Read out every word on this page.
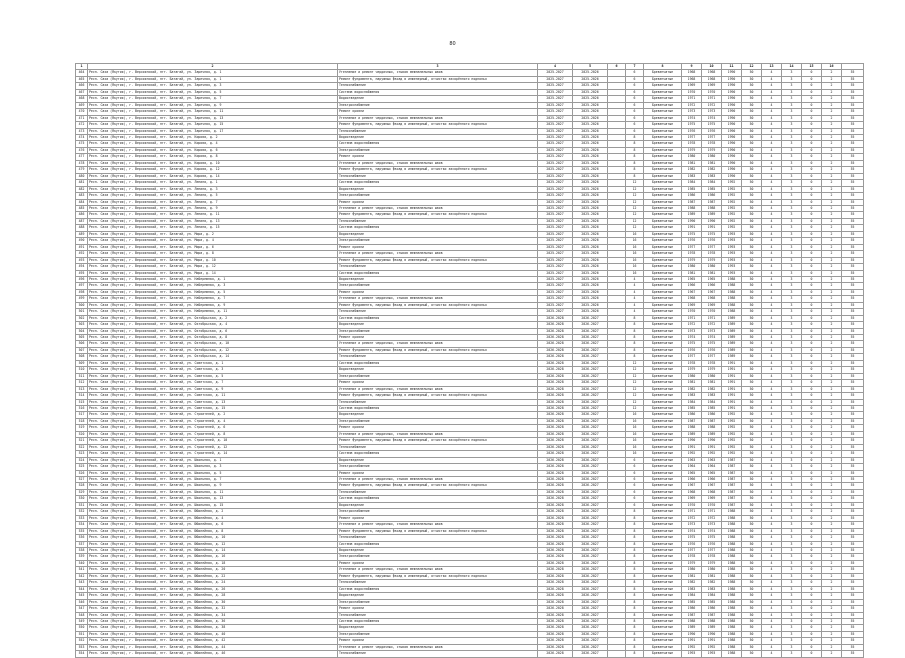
80
1	2	3	4	5	6	7	8	9	10	11	12	13	14	15	16	
464	Респ. Саха (Якутия), г. Верхоянский, пгт. Батагай, ул. Заречная, д. 1	Утепление и ремонт чердачных, стыков межпанельных швов	2025-2027	2025-2026		6	Бревенчатые	1968	1968	1990	50	4	3	0	2	55
465	Респ. Саха (Якутия), г. Верхоянский, пгт. Батагай, ул. Заречная, д. 1	Ремонт фундамента, наружных фасад в инженерный, отчистки засорённого подполья	2025-2027	2025-2026		6	Бревенчатые	1968	1968	1990	50	4	3	0	2	55
466	Респ. Саха (Якутия), г. Верхоянский, пгт. Батагай, ул. Заречная, д. 3	Теплоснабжение	2025-2027	2025-2026		6	Бревенчатые	1969	1969	1990	50	4	3	0	2	55
467	Респ. Саха (Якутия), г. Верхоянский, пгт. Батагай, ул. Заречная, д. 5	Система водоснабжения	2025-2027	2025-2026		6	Бревенчатые	1970	1970	1990	50	4	3	0	2	55
468	Респ. Саха (Якутия), г. Верхоянский, пгт. Батагай, ул. Заречная, д. 7	Водоотведение	2025-2027	2025-2026		6	Бревенчатые	1971	1971	1990	50	4	3	0	2	55
469	Респ. Саха (Якутия), г. Верхоянский, пгт. Батагай, ул. Заречная, д. 9	Электроснабжение	2025-2027	2025-2026		6	Бревенчатые	1972	1972	1990	50	4	3	0	2	55
470	Респ. Саха (Якутия), г. Верхоянский, пгт. Батагай, ул. Заречная, д. 11	Ремонт кровли	2025-2027	2025-2026		6	Бревенчатые	1973	1973	1990	50	4	3	0	2	55
471	Респ. Саха (Якутия), г. Верхоянский, пгт. Батагай, ул. Заречная, д. 13	Утепление и ремонт чердачных, стыков межпанельных швов	2025-2027	2025-2026		6	Бревенчатые	1974	1974	1990	50	4	3	0	2	55
472	Респ. Саха (Якутия), г. Верхоянский, пгт. Батагай, ул. Заречная, д. 15	Ремонт фундамента, наружных фасад в инженерный, отчистки засорённого подполья	2025-2027	2025-2026		6	Бревенчатые	1975	1975	1990	50	4	3	0	2	55
473	Респ. Саха (Якутия), г. Верхоянский, пгт. Батагай, ул. Заречная, д. 17	Теплоснабжение	2025-2027	2025-2026		6	Бревенчатые	1976	1976	1990	50	4	3	0	2	55
474	Респ. Саха (Якутия), г. Верхоянский, пгт. Батагай, ул. Кирова, д. 2	Водоотведение	2025-2027	2025-2026		8	Бревенчатые	1977	1977	1990	50	4	3	0	2	55
475	Респ. Саха (Якутия), г. Верхоянский, пгт. Батагай, ул. Кирова, д. 4	Система водоснабжения	2025-2027	2025-2026		8	Бревенчатые	1978	1978	1990	50	4	3	0	2	55
476	Респ. Саха (Якутия), г. Верхоянский, пгт. Батагай, ул. Кирова, д. 6	Электроснабжение	2025-2027	2025-2026		8	Бревенчатые	1979	1979	1990	50	4	3	0	2	55
477	Респ. Саха (Якутия), г. Верхоянский, пгт. Батагай, ул. Кирова, д. 8	Ремонт кровли	2025-2027	2025-2026		8	Бревенчатые	1980	1980	1990	50	4	3	0	2	55
478	Респ. Саха (Якутия), г. Верхоянский, пгт. Батагай, ул. Кирова, д. 10	Утепление и ремонт чердачных, стыков межпанельных швов	2025-2027	2025-2026		8	Бревенчатые	1981	1981	1990	50	4	3	0	2	55
479	Респ. Саха (Якутия), г. Верхоянский, пгт. Батагай, ул. Кирова, д. 12	Ремонт фундамента, наружных фасад в инженерный, отчистки засорённого подполья	2025-2027	2025-2026		8	Бревенчатые	1982	1982	1990	50	4	3	0	2	55
480	Респ. Саха (Якутия), г. Верхоянский, пгт. Батагай, ул. Кирова, д. 14	Теплоснабжение	2025-2027	2025-2026		8	Бревенчатые	1983	1983	1990	50	4	3	0	2	55
481	Респ. Саха (Якутия), г. Верхоянский, пгт. Батагай, ул. Ленина, д. 1	Система водоснабжения	2025-2027	2025-2026		12	Бревенчатые	1984	1984	1992	50	4	3	0	2	55
482	Респ. Саха (Якутия), г. Верхоянский, пгт. Батагай, ул. Ленина, д. 3	Водоотведение	2025-2027	2025-2026		12	Бревенчатые	1985	1985	1992	50	4	3	0	2	55
483	Респ. Саха (Якутия), г. Верхоянский, пгт. Батагай, ул. Ленина, д. 5	Электроснабжение	2025-2027	2025-2026		12	Бревенчатые	1986	1986	1992	50	4	3	0	2	55
484	Респ. Саха (Якутия), г. Верхоянский, пгт. Батагай, ул. Ленина, д. 7	Ремонт кровли	2025-2027	2025-2026		12	Бревенчатые	1987	1987	1992	50	4	3	0	2	55
485	Респ. Саха (Якутия), г. Верхоянский, пгт. Батагай, ул. Ленина, д. 9	Утепление и ремонт чердачных, стыков межпанельных швов	2025-2027	2025-2026		12	Бревенчатые	1988	1988	1992	50	4	3	0	2	55
486	Респ. Саха (Якутия), г. Верхоянский, пгт. Батагай, ул. Ленина, д. 11	Ремонт фундамента, наружных фасад в инженерный, отчистки засорённого подполья	2025-2027	2025-2026		12	Бревенчатые	1989	1989	1992	50	4	3	0	2	55
487	Респ. Саха (Якутия), г. Верхоянский, пгт. Батагай, ул. Ленина, д. 13	Теплоснабжение	2025-2027	2025-2026		12	Бревенчатые	1990	1990	1992	50	4	3	0	2	55
488	Респ. Саха (Якутия), г. Верхоянский, пгт. Батагай, ул. Ленина, д. 15	Система водоснабжения	2025-2027	2025-2026		12	Бревенчатые	1991	1991	1992	50	4	3	0	2	55
489	Респ. Саха (Якутия), г. Верхоянский, пгт. Батагай, ул. Мира, д. 2	Водоотведение	2025-2027	2025-2026		16	Бревенчатые	1975	1975	1993	50	4	3	0	2	55
490	Респ. Саха (Якутия), г. Верхоянский, пгт. Батагай, ул. Мира, д. 4	Электроснабжение	2025-2027	2025-2026		16	Бревенчатые	1976	1976	1993	50	4	3	0	2	55
491	Респ. Саха (Якутия), г. Верхоянский, пгт. Батагай, ул. Мира, д. 6	Ремонт кровли	2025-2027	2025-2026		16	Бревенчатые	1977	1977	1993	50	4	3	0	2	55
492	Респ. Саха (Якутия), г. Верхоянский, пгт. Батагай, ул. Мира, д. 8	Утепление и ремонт чердачных, стыков межпанельных швов	2025-2027	2025-2026		16	Бревенчатые	1978	1978	1993	50	4	3	0	2	55
493	Респ. Саха (Якутия), г. Верхоянский, пгт. Батагай, ул. Мира, д. 10	Ремонт фундамента, наружных фасад в инженерный, отчистки засорённого подполья	2025-2027	2025-2026		16	Бревенчатые	1979	1979	1993	50	4	3	0	2	55
494	Респ. Саха (Якутия), г. Верхоянский, пгт. Батагай, ул. Мира, д. 12	Теплоснабжение	2025-2027	2025-2026		16	Бревенчатые	1980	1980	1993	50	4	3	0	2	55
495	Респ. Саха (Якутия), г. Верхоянский, пгт. Батагай, ул. Мира, д. 14	Система водоснабжения	2025-2027	2025-2026		16	Бревенчатые	1981	1981	1993	50	4	3	0	2	55
496	Респ. Саха (Якутия), г. Верхоянский, пгт. Батагай, ул. Набережная, д. 1	Водоотведение	2025-2027	2025-2026		4	Бревенчатые	1965	1965	1988	50	4	3	0	2	55
497	Респ. Саха (Якутия), г. Верхоянский, пгт. Батагай, ул. Набережная, д. 3	Электроснабжение	2025-2027	2025-2026		4	Бревенчатые	1966	1966	1988	50	4	3	0	2	55
498	Респ. Саха (Якутия), г. Верхоянский, пгт. Батагай, ул. Набережная, д. 5	Ремонт кровли	2025-2027	2025-2026		4	Бревенчатые	1967	1967	1988	50	4	3	0	2	55
499	Респ. Саха (Якутия), г. Верхоянский, пгт. Батагай, ул. Набережная, д. 7	Утепление и ремонт чердачных, стыков межпанельных швов	2025-2027	2025-2026		4	Бревенчатые	1968	1968	1988	50	4	3	0	2	55
500	Респ. Саха (Якутия), г. Верхоянский, пгт. Батагай, ул. Набережная, д. 9	Ремонт фундамента, наружных фасад в инженерный, отчистки засорённого подполья	2025-2027	2025-2026		4	Бревенчатые	1969	1969	1988	50	4	3	0	2	55
501	Респ. Саха (Якутия), г. Верхоянский, пгт. Батагай, ул. Набережная, д. 11	Теплоснабжение	2025-2027	2025-2026		4	Бревенчатые	1970	1970	1988	50	4	3	0	2	55
502	Респ. Саха (Якутия), г. Верхоянский, пгт. Батагай, ул. Октябрьская, д. 2	Система водоснабжения	2026-2028	2026-2027		8	Бревенчатые	1971	1971	1989	50	4	3	0	2	55
503	Респ. Саха (Якутия), г. Верхоянский, пгт. Батагай, ул. Октябрьская, д. 4	Водоотведение	2026-2028	2026-2027		8	Бревенчатые	1972	1972	1989	50	4	3	0	2	55
504	Респ. Саха (Якутия), г. Верхоянский, пгт. Батагай, ул. Октябрьская, д. 6	Электроснабжение	2026-2028	2026-2027		8	Бревенчатые	1973	1973	1989	50	4	3	0	2	55
505	Респ. Саха (Якутия), г. Верхоянский, пгт. Батагай, ул. Октябрьская, д. 8	Ремонт кровли	2026-2028	2026-2027		8	Бревенчатые	1974	1974	1989	50	4	3	0	2	55
506	Респ. Саха (Якутия), г. Верхоянский, пгт. Батагай, ул. Октябрьская, д. 10	Утепление и ремонт чердачных, стыков межпанельных швов	2026-2028	2026-2027		8	Бревенчатые	1975	1975	1989	50	4	3	0	2	55
507	Респ. Саха (Якутия), г. Верхоянский, пгт. Батагай, ул. Октябрьская, д. 12	Ремонт фундамента, наружных фасад в инженерный, отчистки засорённого подполья	2026-2028	2026-2027		8	Бревенчатые	1976	1976	1989	50	4	3	0	2	55
508	Респ. Саха (Якутия), г. Верхоянский, пгт. Батагай, ул. Октябрьская, д. 14	Теплоснабжение	2026-2028	2026-2027		8	Бревенчатые	1977	1977	1989	50	4	3	0	2	55
509	Респ. Саха (Якутия), г. Верхоянский, пгт. Батагай, ул. Советская, д. 1	Система водоснабжения	2026-2028	2026-2027		12	Бревенчатые	1978	1978	1991	50	4	3	0	2	55
510	Респ. Саха (Якутия), г. Верхоянский, пгт. Батагай, ул. Советская, д. 3	Водоотведение	2026-2028	2026-2027		12	Бревенчатые	1979	1979	1991	50	4	3	0	2	55
511	Респ. Саха (Якутия), г. Верхоянский, пгт. Батагай, ул. Советская, д. 5	Электроснабжение	2026-2028	2026-2027		12	Бревенчатые	1980	1980	1991	50	4	3	0	2	55
512	Респ. Саха (Якутия), г. Верхоянский, пгт. Батагай, ул. Советская, д. 7	Ремонт кровли	2026-2028	2026-2027		12	Бревенчатые	1981	1981	1991	50	4	3	0	2	55
513	Респ. Саха (Якутия), г. Верхоянский, пгт. Батагай, ул. Советская, д. 9	Утепление и ремонт чердачных, стыков межпанельных швов	2026-2028	2026-2027		12	Бревенчатые	1982	1982	1991	50	4	3	0	2	55
514	Респ. Саха (Якутия), г. Верхоянский, пгт. Батагай, ул. Советская, д. 11	Ремонт фундамента, наружных фасад в инженерный, отчистки засорённого подполья	2026-2028	2026-2027		12	Бревенчатые	1983	1983	1991	50	4	3	0	2	55
515	Респ. Саха (Якутия), г. Верхоянский, пгт. Батагай, ул. Советская, д. 13	Теплоснабжение	2026-2028	2026-2027		12	Бревенчатые	1984	1984	1991	50	4	3	0	2	55
516	Респ. Саха (Якутия), г. Верхоянский, пгт. Батагай, ул. Советская, д. 15	Система водоснабжения	2026-2028	2026-2027		12	Бревенчатые	1985	1985	1991	50	4	3	0	2	55
517	Респ. Саха (Якутия), г. Верхоянский, пгт. Батагай, ул. Строителей, д. 2	Водоотведение	2026-2028	2026-2027		16	Бревенчатые	1986	1986	1992	50	4	3	0	2	55
518	Респ. Саха (Якутия), г. Верхоянский, пгт. Батагай, ул. Строителей, д. 4	Электроснабжение	2026-2028	2026-2027		16	Бревенчатые	1987	1987	1992	50	4	3	0	2	55
519	Респ. Саха (Якутия), г. Верхоянский, пгт. Батагай, ул. Строителей, д. 6	Ремонт кровли	2026-2028	2026-2027		16	Бревенчатые	1988	1988	1992	50	4	3	0	2	55
520	Респ. Саха (Якутия), г. Верхоянский, пгт. Батагай, ул. Строителей, д. 8	Утепление и ремонт чердачных, стыков межпанельных швов	2026-2028	2026-2027		16	Бревенчатые	1989	1989	1992	50	4	3	0	2	55
521	Респ. Саха (Якутия), г. Верхоянский, пгт. Батагай, ул. Строителей, д. 10	Ремонт фундамента, наружных фасад в инженерный, отчистки засорённого подполья	2026-2028	2026-2027		16	Бревенчатые	1990	1990	1992	50	4	3	0	2	55
522	Респ. Саха (Якутия), г. Верхоянский, пгт. Батагай, ул. Строителей, д. 12	Теплоснабжение	2026-2028	2026-2027		16	Бревенчатые	1991	1991	1992	50	4	3	0	2	55
523	Респ. Саха (Якутия), г. Верхоянский, пгт. Батагай, ул. Строителей, д. 14	Система водоснабжения	2026-2028	2026-2027		16	Бревенчатые	1992	1992	1992	50	4	3	0	2	55
524	Респ. Саха (Якутия), г. Верхоянский, пгт. Батагай, ул. Школьная, д. 1	Водоотведение	2026-2028	2026-2027		6	Бревенчатые	1963	1963	1987	50	4	3	0	2	55
525	Респ. Саха (Якутия), г. Верхоянский, пгт. Батагай, ул. Школьная, д. 3	Электроснабжение	2026-2028	2026-2027		6	Бревенчатые	1964	1964	1987	50	4	3	0	2	55
526	Респ. Саха (Якутия), г. Верхоянский, пгт. Батагай, ул. Школьная, д. 5	Ремонт кровли	2026-2028	2026-2027		6	Бревенчатые	1965	1965	1987	50	4	3	0	2	55
527	Респ. Саха (Якутия), г. Верхоянский, пгт. Батагай, ул. Школьная, д. 7	Утепление и ремонт чердачных, стыков межпанельных швов	2026-2028	2026-2027		6	Бревенчатые	1966	1966	1987	50	4	3	0	2	55
528	Респ. Саха (Якутия), г. Верхоянский, пгт. Батагай, ул. Школьная, д. 9	Ремонт фундамента, наружных фасад в инженерный, отчистки засорённого подполья	2026-2028	2026-2027		6	Бревенчатые	1967	1967	1987	50	4	3	0	2	55
529	Респ. Саха (Якутия), г. Верхоянский, пгт. Батагай, ул. Школьная, д. 11	Теплоснабжение	2026-2028	2026-2027		6	Бревенчатые	1968	1968	1987	50	4	3	0	2	55
530	Респ. Саха (Якутия), г. Верхоянский, пгт. Батагай, ул. Школьная, д. 13	Система водоснабжения	2026-2028	2026-2027		6	Бревенчатые	1969	1969	1987	50	4	3	0	2	55
531	Респ. Саха (Якутия), г. Верхоянский, пгт. Батагай, ул. Школьная, д. 15	Водоотведение	2026-2028	2026-2027		6	Бревенчатые	1970	1970	1987	50	4	3	0	2	55
532	Респ. Саха (Якутия), г. Верхоянский, пгт. Батагай, ул. Юбилейная, д. 2	Электроснабжение	2026-2028	2026-2027		8	Бревенчатые	1971	1971	1988	50	4	3	0	2	55
533	Респ. Саха (Якутия), г. Верхоянский, пгт. Батагай, ул. Юбилейная, д. 4	Ремонт кровли	2026-2028	2026-2027		8	Бревенчатые	1972	1972	1988	50	4	3	0	2	55
534	Респ. Саха (Якутия), г. Верхоянский, пгт. Батагай, ул. Юбилейная, д. 6	Утепление и ремонт чердачных, стыков межпанельных швов	2026-2028	2026-2027		8	Бревенчатые	1973	1973	1988	50	4	3	0	2	55
535	Респ. Саха (Якутия), г. Верхоянский, пгт. Батагай, ул. Юбилейная, д. 8	Ремонт фундамента, наружных фасад в инженерный, отчистки засорённого подполья	2026-2028	2026-2027		8	Бревенчатые	1974	1974	1988	50	4	3	0	2	55
536	Респ. Саха (Якутия), г. Верхоянский, пгт. Батагай, ул. Юбилейная, д. 10	Теплоснабжение	2026-2028	2026-2027		8	Бревенчатые	1975	1975	1988	50	4	3	0	2	55
537	Респ. Саха (Якутия), г. Верхоянский, пгт. Батагай, ул. Юбилейная, д. 12	Система водоснабжения	2026-2028	2026-2027		8	Бревенчатые	1976	1976	1988	50	4	3	0	2	55
538	Респ. Саха (Якутия), г. Верхоянский, пгт. Батагай, ул. Юбилейная, д. 14	Водоотведение	2026-2028	2026-2027		8	Бревенчатые	1977	1977	1988	50	4	3	0	2	55
539	Респ. Саха (Якутия), г. Верхоянский, пгт. Батагай, ул. Юбилейная, д. 16	Электроснабжение	2026-2028	2026-2027		8	Бревенчатые	1978	1978	1988	50	4	3	0	2	55
540	Респ. Саха (Якутия), г. Верхоянский, пгт. Батагай, ул. Юбилейная, д. 18	Ремонт кровли	2026-2028	2026-2027		8	Бревенчатые	1979	1979	1988	50	4	3	0	2	55
541	Респ. Саха (Якутия), г. Верхоянский, пгт. Батагай, ул. Юбилейная, д. 20	Утепление и ремонт чердачных, стыков межпанельных швов	2026-2028	2026-2027		8	Бревенчатые	1980	1980	1988	50	4	3	0	2	55
542	Респ. Саха (Якутия), г. Верхоянский, пгт. Батагай, ул. Юбилейная, д. 22	Ремонт фундамента, наружных фасад в инженерный, отчистки засорённого подполья	2026-2028	2026-2027		8	Бревенчатые	1981	1981	1988	50	4	3	0	2	55
543	Респ. Саха (Якутия), г. Верхоянский, пгт. Батагай, ул. Юбилейная, д. 24	Теплоснабжение	2026-2028	2026-2027		8	Бревенчатые	1982	1982	1988	50	4	3	0	2	55
544	Респ. Саха (Якутия), г. Верхоянский, пгт. Батагай, ул. Юбилейная, д. 26	Система водоснабжения	2026-2028	2026-2027		8	Бревенчатые	1983	1983	1988	50	4	3	0	2	55
545	Респ. Саха (Якутия), г. Верхоянский, пгт. Батагай, ул. Юбилейная, д. 28	Водоотведение	2026-2028	2026-2027		8	Бревенчатые	1984	1984	1988	50	4	3	0	2	55
546	Респ. Саха (Якутия), г. Верхоянский, пгт. Батагай, ул. Юбилейная, д. 30	Электроснабжение	2026-2028	2026-2027		8	Бревенчатые	1985	1985	1988	50	4	3	0	2	55
547	Респ. Саха (Якутия), г. Верхоянский, пгт. Батагай, ул. Юбилейная, д. 32	Ремонт кровли	2026-2028	2026-2027		8	Бревенчатые	1986	1986	1988	50	4	3	0	2	55
548	Респ. Саха (Якутия), г. Верхоянский, пгт. Батагай, ул. Юбилейная, д. 34	Теплоснабжение	2026-2028	2026-2027		8	Бревенчатые	1987	1987	1988	50	4	3	0	2	55
549	Респ. Саха (Якутия), г. Верхоянский, пгт. Батагай, ул. Юбилейная, д. 36	Система водоснабжения	2026-2028	2026-2027		8	Бревенчатые	1988	1988	1988	50	4	3	0	2	55
550	Респ. Саха (Якутия), г. Верхоянский, пгт. Батагай, ул. Юбилейная, д. 38	Водоотведение	2026-2028	2026-2027		8	Бревенчатые	1989	1989	1988	50	4	3	0	2	55
551	Респ. Саха (Якутия), г. Верхоянский, пгт. Батагай, ул. Юбилейная, д. 40	Электроснабжение	2026-2028	2026-2027		8	Бревенчатые	1990	1990	1988	50	4	3	0	2	55
552	Респ. Саха (Якутия), г. Верхоянский, пгт. Батагай, ул. Юбилейная, д. 42	Ремонт кровли	2026-2028	2026-2027		8	Бревенчатые	1991	1991	1988	50	4	3	0	2	55
553	Респ. Саха (Якутия), г. Верхоянский, пгт. Батагай, ул. Юбилейная, д. 44	Утепление и ремонт чердачных, стыков межпанельных швов	2026-2028	2026-2027		8	Бревенчатые	1992	1992	1988	50	4	3	0	2	55
554	Респ. Саха (Якутия), г. Верхоянский, пгт. Батагай, ул. Юбилейная, д. 46	Теплоснабжение	2026-2028	2026-2027		8	Бревенчатые	1993	1993	1988	50	4	3	0	2	55
